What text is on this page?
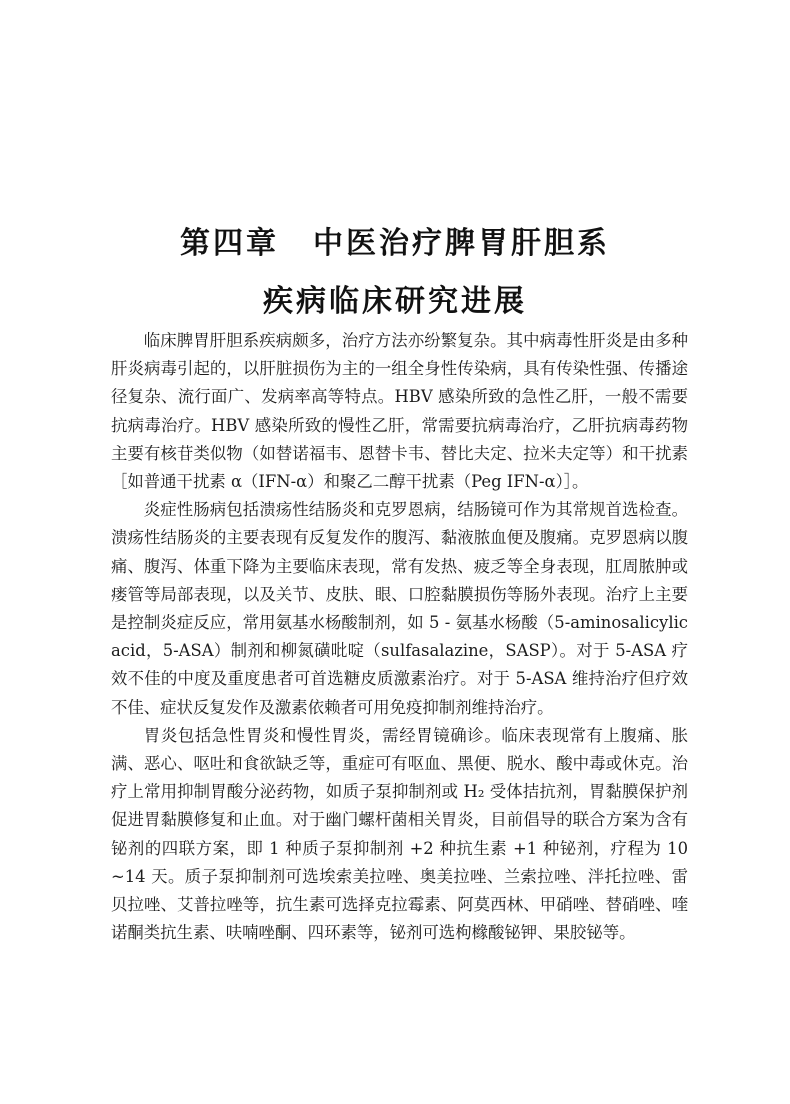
第四章 中医治疗脾胃肝胆系
疾病临床研究进展

临床脾胃肝胆系疾病颇多，治疗方法亦纷繁复杂。其中病毒性肝炎是由多种肝炎病毒引起的，以肝脏损伤为主的一组全身性传染病，具有传染性强、传播途径复杂、流行面广、发病率高等特点。HBV 感染所致的急性乙肝，一般不需要抗病毒治疗。HBV 感染所致的慢性乙肝，常需要抗病毒治疗，乙肝抗病毒药物主要有核苷类似物（如替诺福韦、恩替卡韦、替比夫定、拉米夫定等）和干扰素［如普通干扰素 α（IFN-α）和聚乙二醇干扰素（Peg IFN-α）］。

炎症性肠病包括溃疡性结肠炎和克罗恩病，结肠镜可作为其常规首选检查。溃疡性结肠炎的主要表现有反复发作的腹泻、黏液脓血便及腹痛。克罗恩病以腹痛、腹泻、体重下降为主要临床表现，常有发热、疲乏等全身表现，肛周脓肿或瘘管等局部表现，以及关节、皮肤、眼、口腔黏膜损伤等肠外表现。治疗上主要是控制炎症反应，常用氨基水杨酸制剂，如 5 - 氨基水杨酸（5-aminosalicylic acid，5-ASA）制剂和柳氮磺吡啶（sulfasalazine，SASP）。对于 5-ASA 疗效不佳的中度及重度患者可首选糖皮质激素治疗。对于 5-ASA 维持治疗但疗效不佳、症状反复发作及激素依赖者可用免疫抑制剂维持治疗。

胃炎包括急性胃炎和慢性胃炎，需经胃镜确诊。临床表现常有上腹痛、胀满、恶心、呕吐和食欲缺乏等，重症可有呕血、黑便、脱水、酸中毒或休克。治疗上常用抑制胃酸分泌药物，如质子泵抑制剂或 H₂ 受体拮抗剂，胃黏膜保护剂促进胃黏膜修复和止血。对于幽门螺杆菌相关胃炎，目前倡导的联合方案为含有铋剂的四联方案，即 1 种质子泵抑制剂 +2 种抗生素 +1 种铋剂，疗程为 10 ~14 天。质子泵抑制剂可选埃索美拉唑、奥美拉唑、兰索拉唑、泮托拉唑、雷贝拉唑、艾普拉唑等，抗生素可选择克拉霉素、阿莫西林、甲硝唑、替硝唑、喹诺酮类抗生素、呋喃唑酮、四环素等，铋剂可选枸橼酸铋钾、果胶铋等。
